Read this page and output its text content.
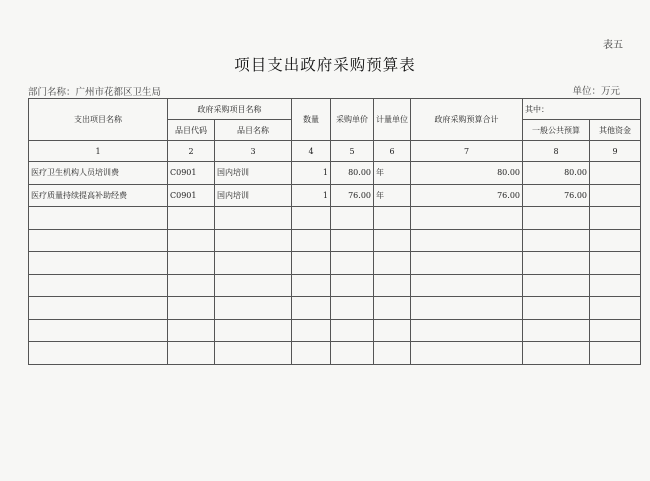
表五
项目支出政府采购预算表
部门名称：广州市花都区卫生局	单位：万元
支出项目名称	政府采购项目名称		数量	采购单价	计量单位	政府采购预算合计	其中：	
	品目代码	品目名称					一般公共预算	其他资金
1	2	3	4	5	6	7	8	9
医疗卫生机构人员培训费	C0901	国内培训	1	80.00	年	80.00	80.00	
医疗质量持续提高补助经费	C0901	国内培训	1	76.00	年	76.00	76.00	
